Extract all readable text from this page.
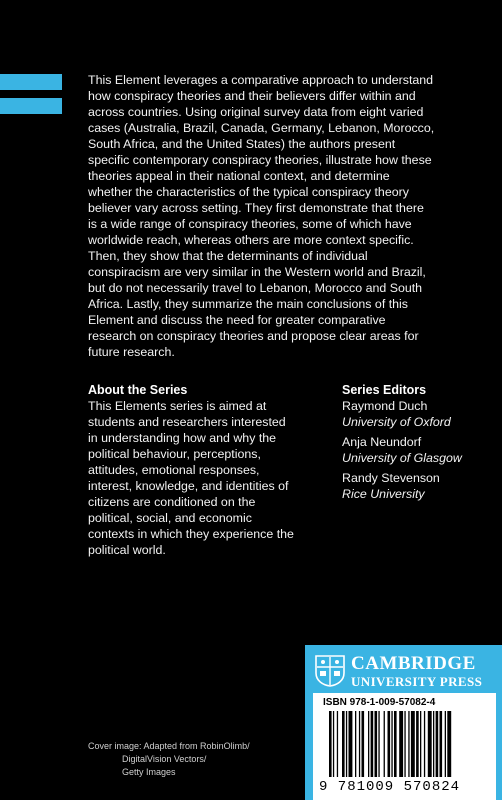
This Element leverages a comparative approach to understand how conspiracy theories and their believers differ within and across countries. Using original survey data from eight varied cases (Australia, Brazil, Canada, Germany, Lebanon, Morocco, South Africa, and the United States) the authors present specific contemporary conspiracy theories, illustrate how these theories appeal in their national context, and determine whether the characteristics of the typical conspiracy theory believer vary across setting. They first demonstrate that there is a wide range of conspiracy theories, some of which have worldwide reach, whereas others are more context specific. Then, they show that the determinants of individual conspiracism are very similar in the Western world and Brazil, but do not necessarily travel to Lebanon, Morocco and South Africa. Lastly, they summarize the main conclusions of this Element and discuss the need for greater comparative research on conspiracy theories and propose clear areas for future research.

About the Series

This Elements series is aimed at students and researchers interested in understanding how and why the political behaviour, perceptions, attitudes, emotional responses, interest, knowledge, and identities of citizens are conditioned on the political, social, and economic contexts in which they experience the political world.

Series Editors

Raymond Duch

University of Oxford

Anja Neundorf

University of Glasgow

Randy Stevenson

Rice University

Cover image: Adapted from RobinOlimb/
DigitalVision Vectors/
Getty Images
CAMBRIDGE
UNIVERSITY PRESS
ISBN 978-1-009-57082-4
9 781009 570824
